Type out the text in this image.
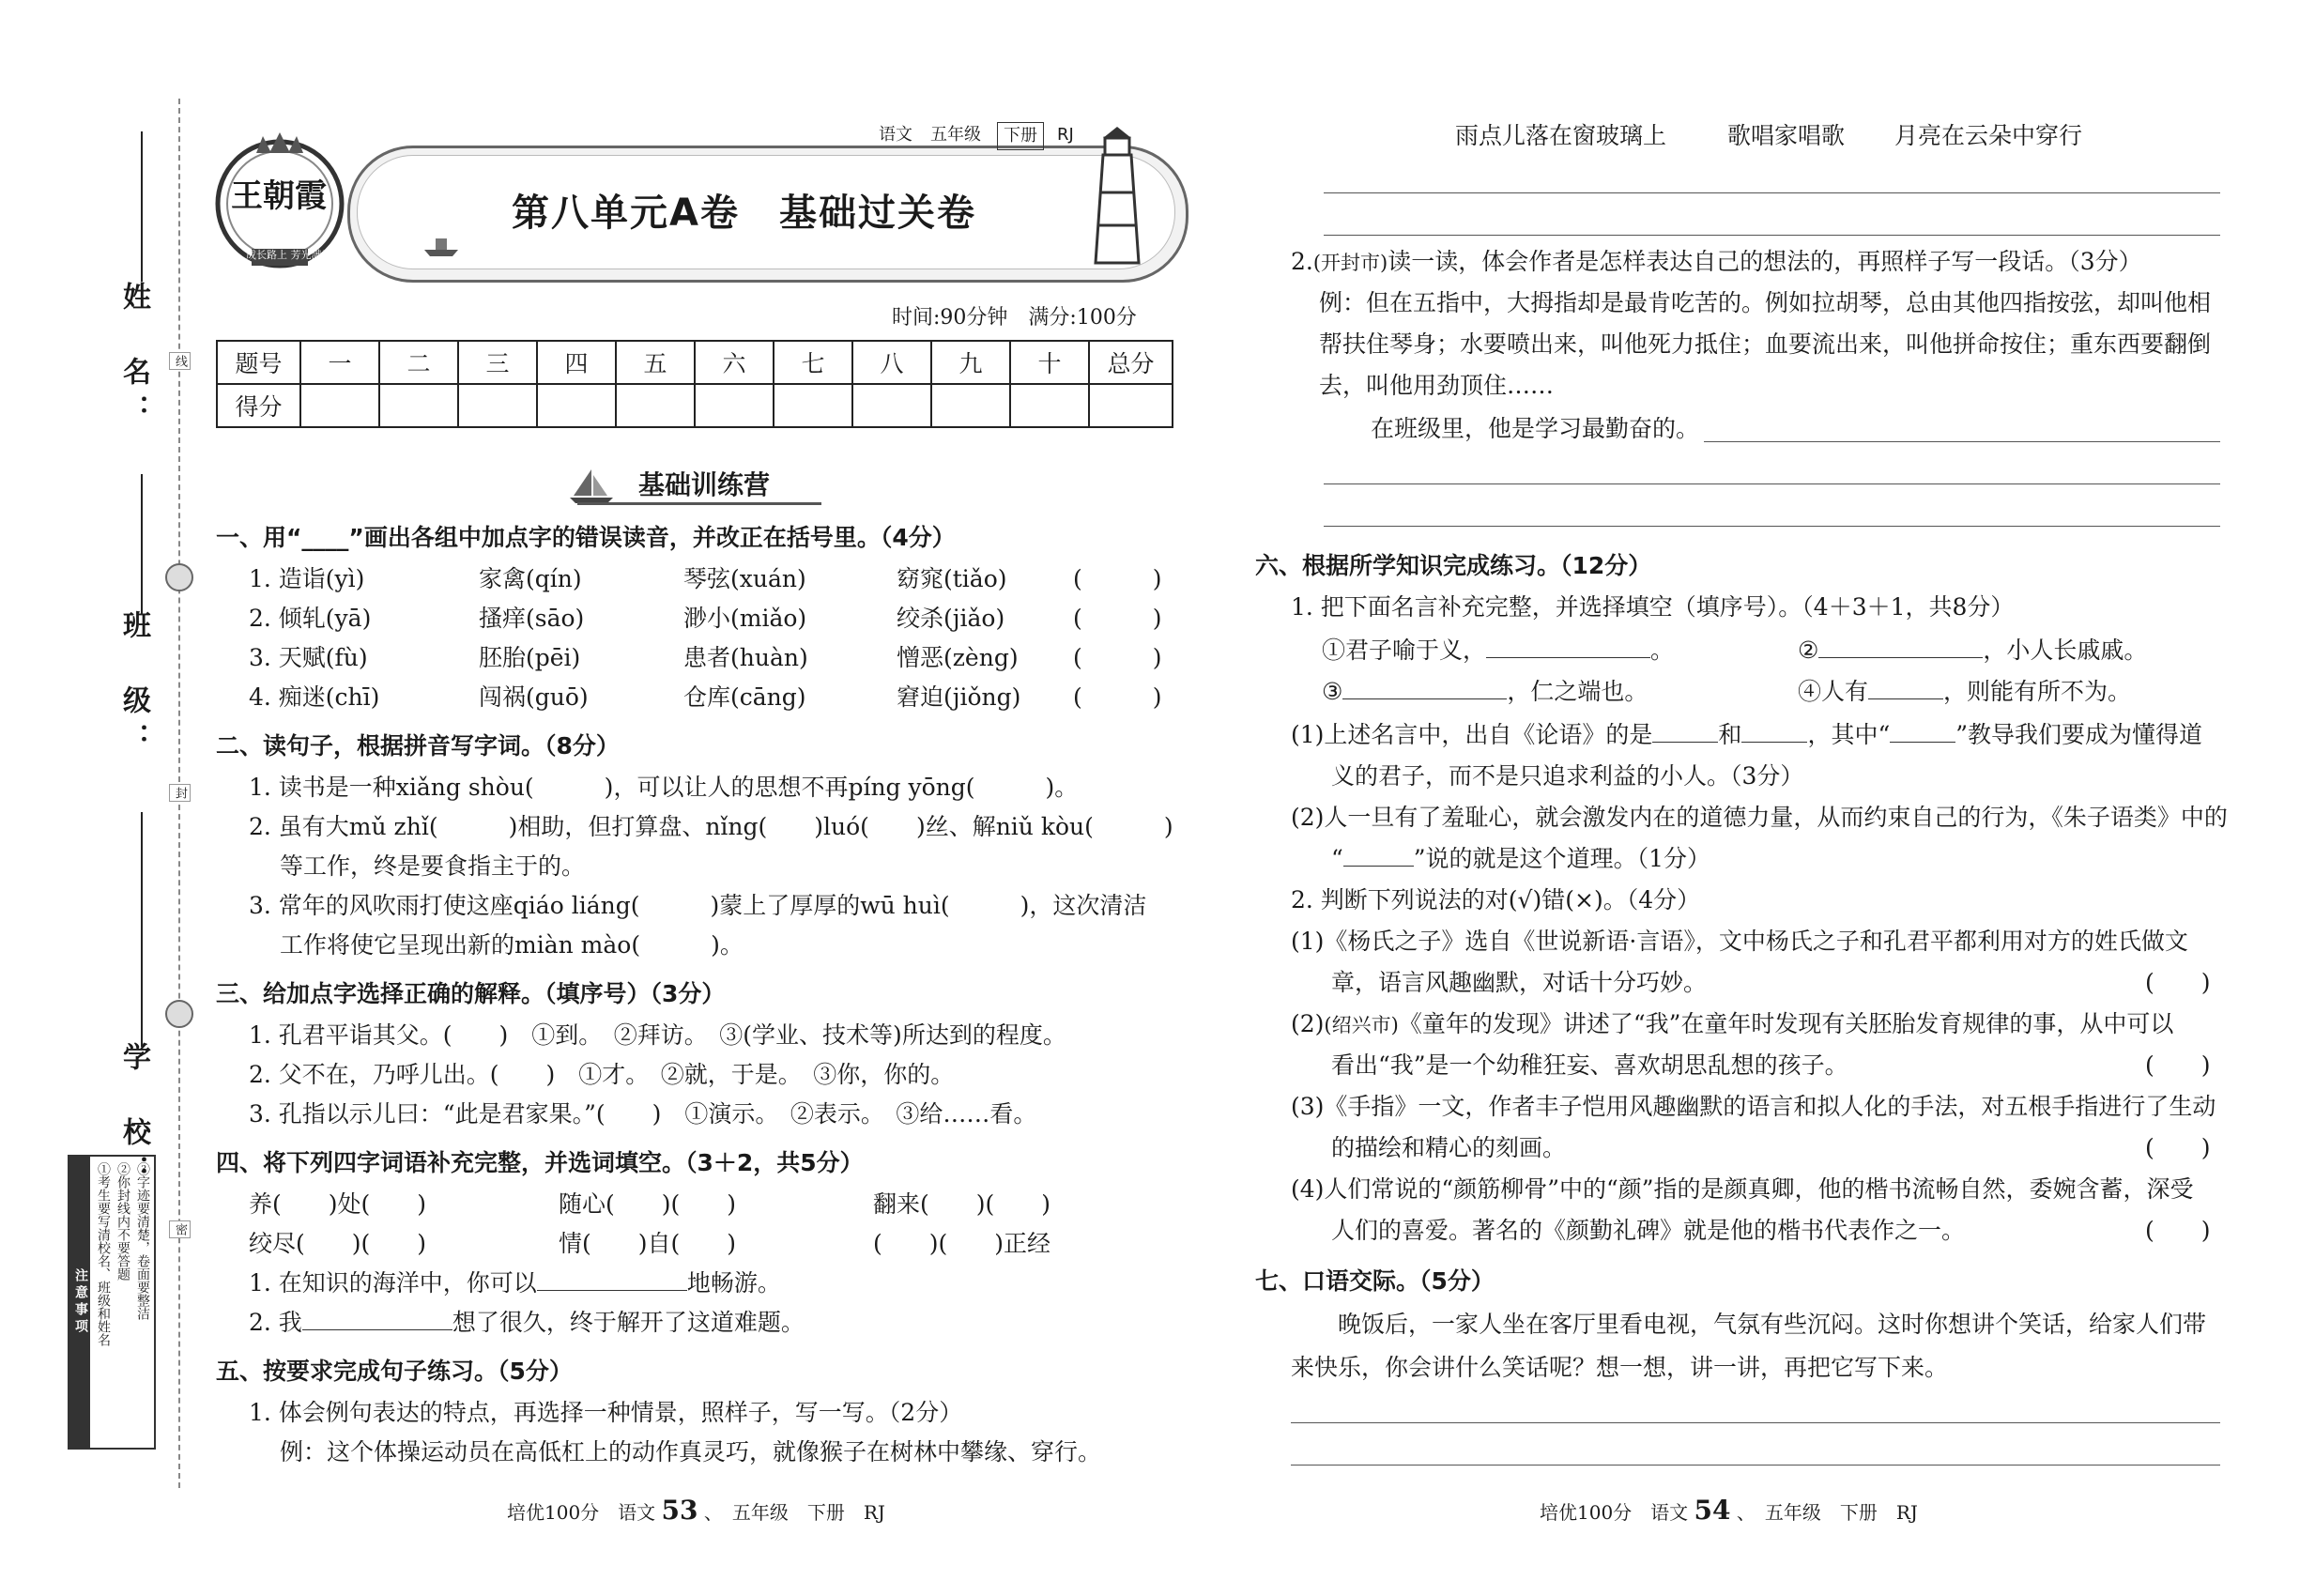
姓　名：
班　级：
学　校：
线
封
密
注意事项 ①考生要写清校名、班级和姓名 ②你封线内不要答题 ③字迹要清楚，卷面要整洁
王朝霞
成长路上 芳光满天
语文	五年级	下册	RJ
第八单元A卷　基础过关卷
时间:90分钟　满分:100分
题号	一	二	三	四	五	六	七	八	九	十	总分
得分											
基础训练营
一、用“____”画出各组中加点字的错误读音，并改正在括号里。（4分）
1. 造诣(yì)	家禽(qín)	琴弦(xuán)	窈窕(tiǎo)	(　　　)
2. 倾轧(yā)	搔痒(sāo)	渺小(miǎo)	绞杀(jiǎo)	(　　　)
3. 天赋(fù)	胚胎(pēi)	患者(huàn)	憎恶(zèng) (　　　)
4. 痴迷(chī)	闯祸(guō)	仓库(cāng)	窘迫(jiǒng) (　　　)
二、读句子，根据拼音写字词。（8分）
1. 读书是一种xiǎng shòu(　　　)，可以让人的思想不再píng yōng(　　　)。
2. 虽有大mǔ zhǐ(　　　)相助，但打算盘、nǐng(　　)luó(　　)丝、解niǔ kòu(　　　)
等工作，终是要食指主于的。
3. 常年的风吹雨打使这座qiáo liáng(　　　)蒙上了厚厚的wū huì(　　　)，这次清洁
工作将使它呈现出新的miàn mào(　　　)。
三、给加点字选择正确的解释。（填序号）（3分）
1. 孔君平诣其父。(　　)　①到。　②拜访。　③(学业、技术等)所达到的程度。
2. 父不在，乃呼儿出。(　　)　①才。　②就，于是。　③你，你的。
3. 孔指以示儿曰：“此是君家果。”(　　)　①演示。　②表示。　③给……看。
四、将下列四字词语补充完整，并选词填空。（3＋2，共5分）
养(　　)处(　　)	随心(　　)(　　)	翻来(　　)(　　)
绞尽(　　)(　　)	情(　　)自(　　)	(　　)(　　)正经
1. 在知识的海洋中，你可以	地畅游。
2. 我	想了很久，终于解开了这道难题。
五、按要求完成句子练习。（5分）
1. 体会例句表达的特点，再选择一种情景，照样子，写一写。（2分）
例：这个体操运动员在高低杠上的动作真灵巧，就像猴子在树林中攀缘、穿行。
培优100分　语文 53 、　五年级　下册　RJ
雨点儿落在窗玻璃上	歌唱家唱歌 月亮在云朵中穿行
2.(开封市)读一读，体会作者是怎样表达自己的想法的，再照样子写一段话。（3分）
例：但在五指中，大拇指却是最肯吃苦的。例如拉胡琴，总由其他四指按弦，却叫他相
帮扶住琴身；水要喷出来，叫他死力抵住；血要流出来，叫他拼命按住；重东西要翻倒
去，叫他用劲顶住……
在班级里，他是学习最勤奋的。
六、根据所学知识完成练习。（12分）
1. 把下面名言补充完整，并选择填空（填序号）。（4＋3＋1，共8分）
①君子喻于义，	。	②	，小人长戚戚。
③	，仁之端也。	④人有	，则能有所不为。
(1)上述名言中，出自《论语》的是	和	，其中“	”教导我们要成为懂得道
义的君子，而不是只追求利益的小人。（3分）
(2)人一旦有了羞耻心，就会激发内在的道德力量，从而约束自己的行为，《朱子语类》中的
“	”说的就是这个道理。（1分）
2. 判断下列说法的对(√)错(×)。（4分）
(1)《杨氏之子》选自《世说新语·言语》，文中杨氏之子和孔君平都利用对方的姓氏做文
章，语言风趣幽默，对话十分巧妙。	(　　)
(2)(绍兴市)《童年的发现》讲述了“我”在童年时发现有关胚胎发育规律的事，从中可以
看出“我”是一个幼稚狂妄、喜欢胡思乱想的孩子。	(　　)
(3)《手指》一文，作者丰子恺用风趣幽默的语言和拟人化的手法，对五根手指进行了生动
的描绘和精心的刻画。	(　　)
(4)人们常说的“颜筋柳骨”中的“颜”指的是颜真卿，他的楷书流畅自然，委婉含蓄，深受
人们的喜爱。著名的《颜勤礼碑》就是他的楷书代表作之一。	(　　)
七、口语交际。（5分）
晚饭后，一家人坐在客厅里看电视，气氛有些沉闷。这时你想讲个笑话，给家人们带
来快乐，你会讲什么笑话呢？想一想，讲一讲，再把它写下来。
培优100分　语文 54 、　五年级　下册　RJ
